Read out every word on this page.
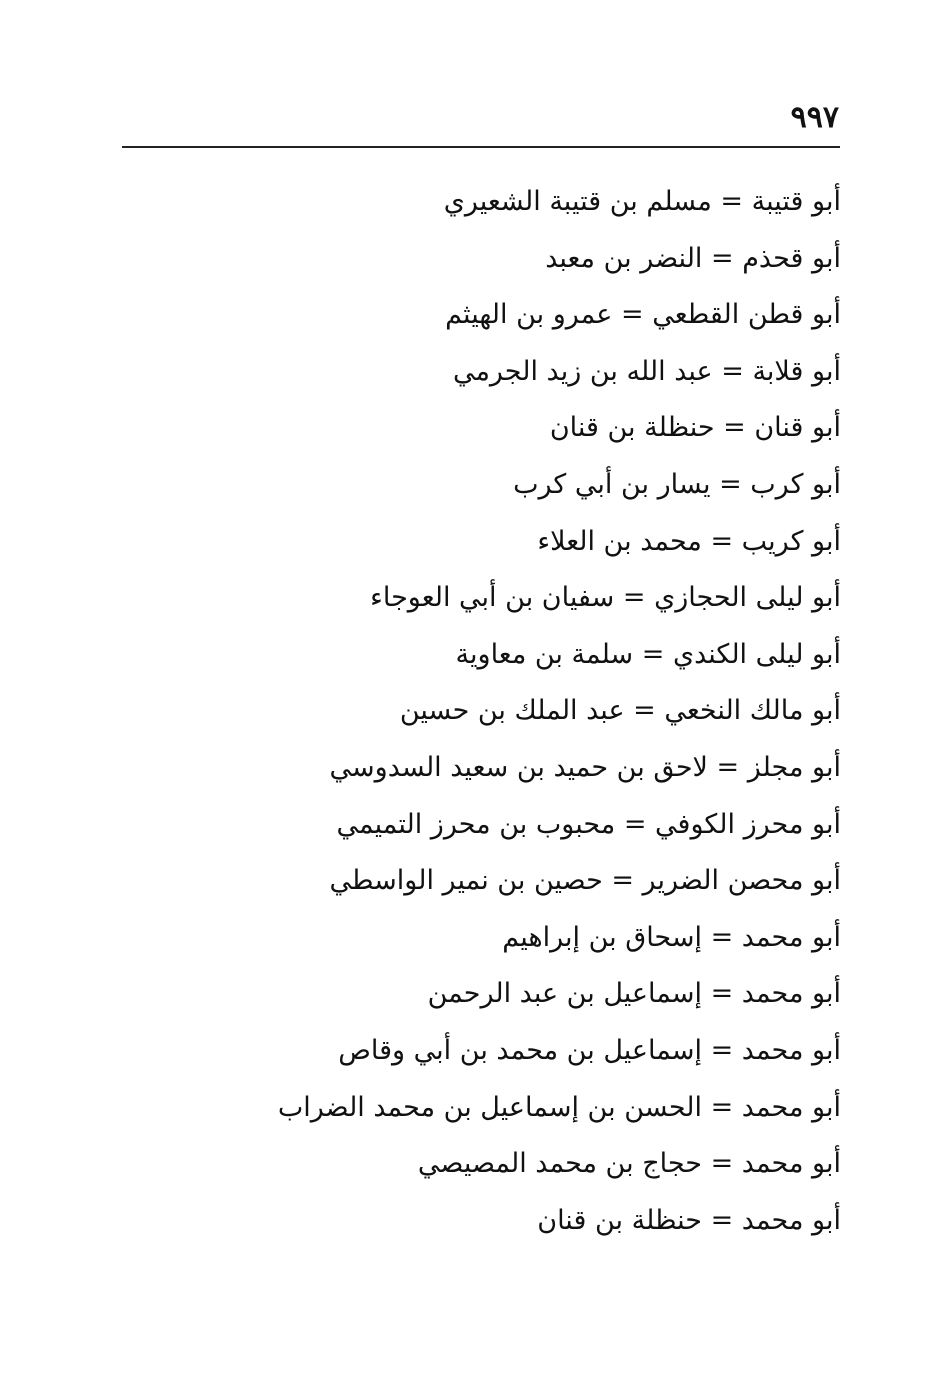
٩٩٧
أبو قتيبة = مسلم بن قتيبة الشعيري
أبو قحذم = النضر بن معبد
أبو قطن القطعي = عمرو بن الهيثم
أبو قلابة = عبد الله بن زيد الجرمي
أبو قنان = حنظلة بن قنان
أبو كرب = يسار بن أبي كرب
أبو كريب = محمد بن العلاء
أبو ليلى الحجازي = سفيان بن أبي العوجاء
أبو ليلى الكندي = سلمة بن معاوية
أبو مالك النخعي = عبد الملك بن حسين
أبو مجلز = لاحق بن حميد بن سعيد السدوسي
أبو محرز الكوفي = محبوب بن محرز التميمي
أبو محصن الضرير = حصين بن نمير الواسطي
أبو محمد = إسحاق بن إبراهيم
أبو محمد = إسماعيل بن عبد الرحمن
أبو محمد = إسماعيل بن محمد بن أبي وقاص
أبو محمد = الحسن بن إسماعيل بن محمد الضراب
أبو محمد = حجاج بن محمد المصيصي
أبو محمد = حنظلة بن قنان
